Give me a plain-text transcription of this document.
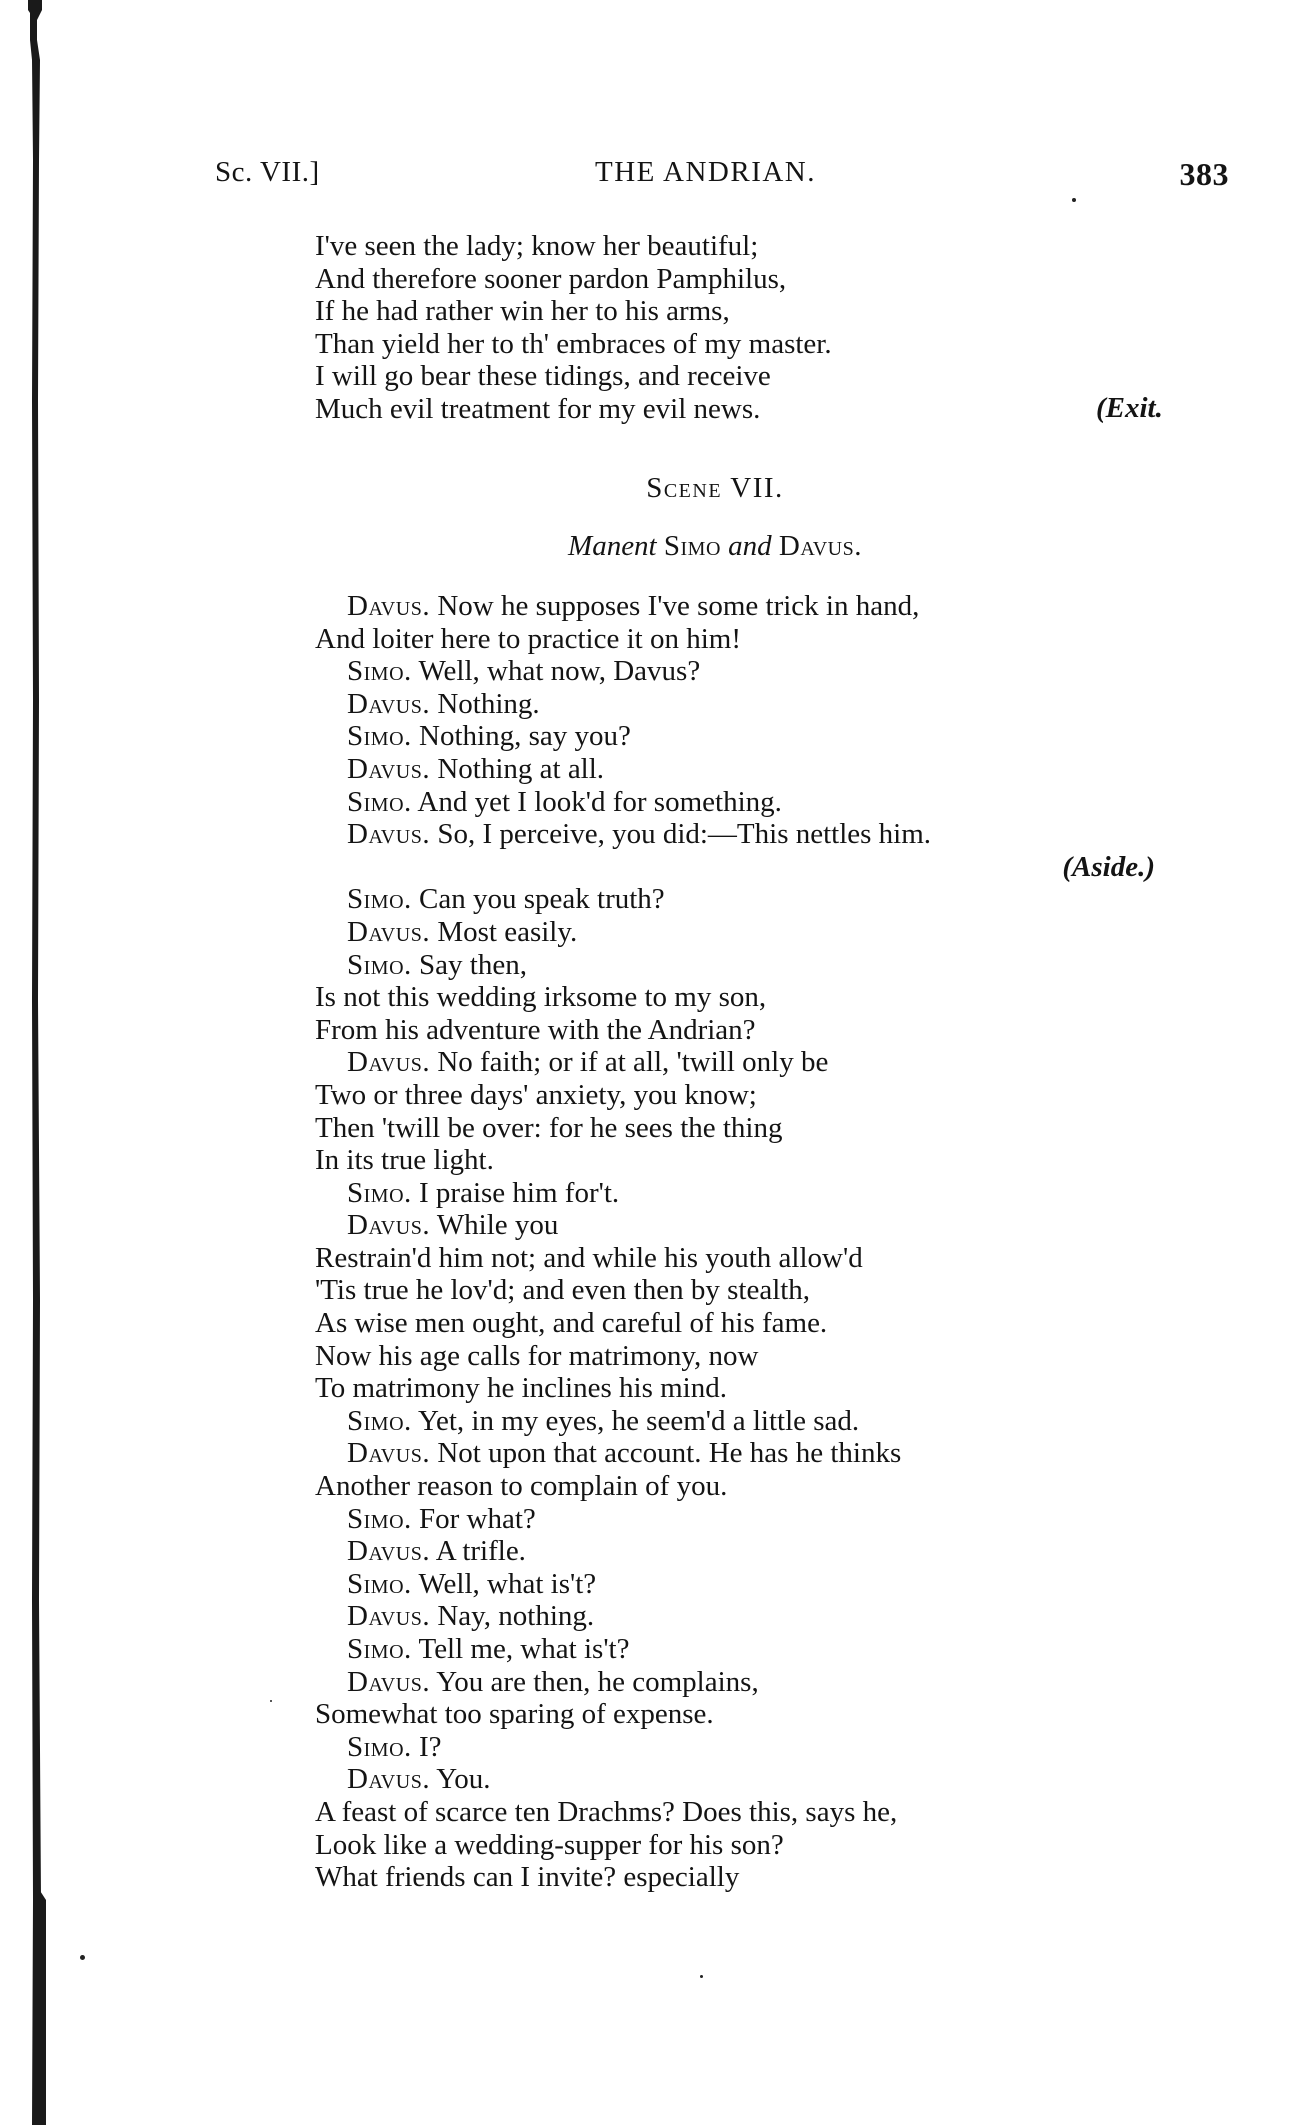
Sc. VII.]	THE ANDRIAN.	383
I've seen the lady; know her beautiful;
And therefore sooner pardon Pamphilus,
If he had rather win her to his arms,
Than yield her to th' embraces of my master.
I will go bear these tidings, and receive
Much evil treatment for my evil news.	(Exit.
Scene VII.
Manent Simo and Davus.
Davus. Now he supposes I've some trick in hand,
And loiter here to practice it on him!
Simo. Well, what now, Davus?
Davus. Nothing.
Simo. Nothing, say you?
Davus. Nothing at all.
Simo. And yet I look'd for something.
Davus. So, I perceive, you did:—This nettles him.
(Aside.)
Simo. Can you speak truth?
Davus. Most easily.
Simo. Say then,
Is not this wedding irksome to my son,
From his adventure with the Andrian?
Davus. No faith; or if at all, 'twill only be
Two or three days' anxiety, you know;
Then 'twill be over: for he sees the thing
In its true light.
Simo. I praise him for't.
Davus. While you
Restrain'd him not; and while his youth allow'd
'Tis true he lov'd; and even then by stealth,
As wise men ought, and careful of his fame.
Now his age calls for matrimony, now
To matrimony he inclines his mind.
Simo. Yet, in my eyes, he seem'd a little sad.
Davus. Not upon that account. He has he thinks
Another reason to complain of you.
Simo. For what?
Davus. A trifle.
Simo. Well, what is't?
Davus. Nay, nothing.
Simo. Tell me, what is't?
Davus. You are then, he complains,
Somewhat too sparing of expense.
Simo. I?
Davus. You.
A feast of scarce ten Drachms? Does this, says he,
Look like a wedding-supper for his son?
What friends can I invite? especially
